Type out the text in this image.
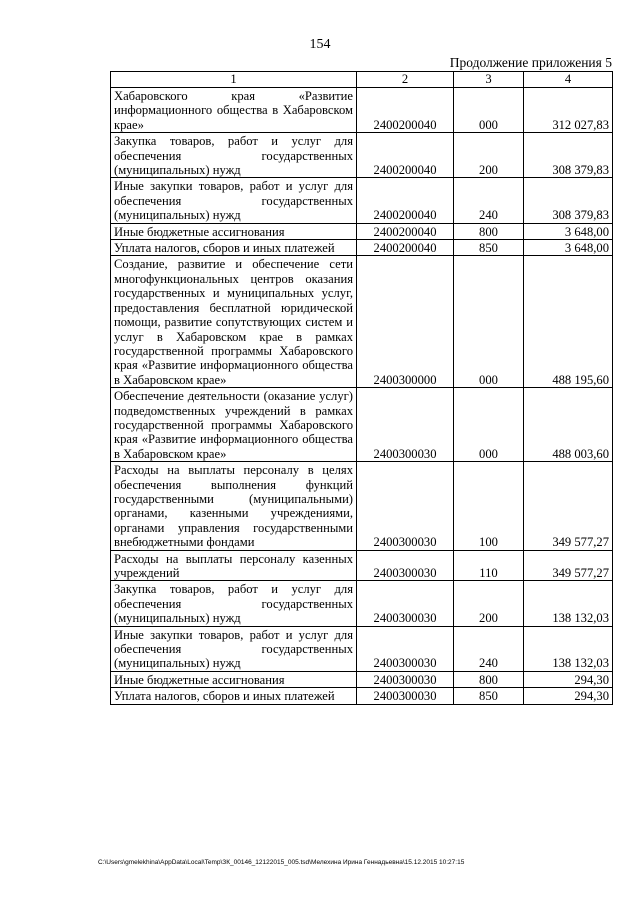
154
Продолжение приложения 5
1	2	3	4
Хабаровского края «Развитие информационного общества в Хабаровском крае»	2400200040	000	312 027,83
Закупка товаров, работ и услуг для обеспечения государственных (муниципальных) нужд	2400200040	200	308 379,83
Иные закупки товаров, работ и услуг для обеспечения государственных (муниципальных) нужд	2400200040	240	308 379,83
Иные бюджетные ассигнования	2400200040	800	3 648,00
Уплата налогов, сборов и иных платежей	2400200040	850	3 648,00
Создание, развитие и обеспечение сети многофункциональных центров оказания государственных и муниципальных услуг, предоставления бесплатной юридической помощи, развитие сопутствующих систем и услуг в Хабаровском крае в рамках государственной программы Хабаровского края «Развитие информационного общества в Хабаровском крае»	2400300000	000	488 195,60
Обеспечение деятельности (оказание услуг) подведомственных учреждений в рамках государственной программы Хабаровского края «Развитие информационного общества в Хабаровском крае»	2400300030	000	488 003,60
Расходы на выплаты персоналу в целях обеспечения выполнения функций государственными (муниципальными) органами, казенными учреждениями, органами управления государственными внебюджетными фондами	2400300030	100	349 577,27
Расходы на выплаты персоналу казенных учреждений	2400300030	110	349 577,27
Закупка товаров, работ и услуг для обеспечения государственных (муниципальных) нужд	2400300030	200	138 132,03
Иные закупки товаров, работ и услуг для обеспечения государственных (муниципальных) нужд	2400300030	240	138 132,03
Иные бюджетные ассигнования	2400300030	800	294,30
Уплата налогов, сборов и иных платежей	2400300030	850	294,30
C:\Users\gmelekhina\AppData\Local\Temp\ЗК_00146_12122015_005.tsd\Мелехина Ирина Геннадьевна\15.12.2015 10:27:15
